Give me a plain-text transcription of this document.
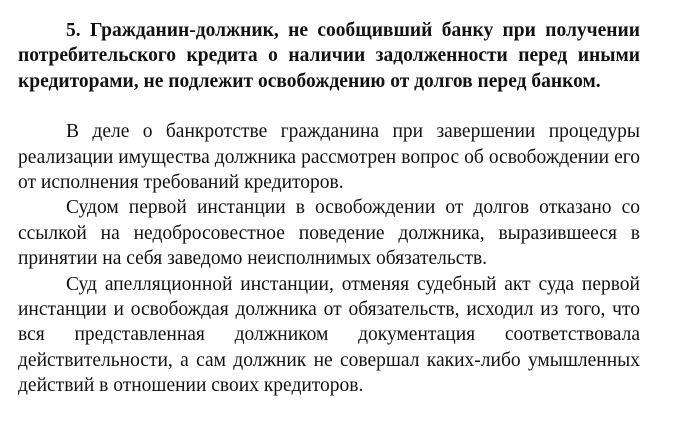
5. Гражданин-должник, не сообщивший банку при получении потребительского кредита о наличии задолженности перед иными кредиторами, не подлежит освобождению от долгов перед банком.

В деле о банкротстве гражданина при завершении процедуры реализации имущества должника рассмотрен вопрос об освобождении его от исполнения требований кредиторов.

Судом первой инстанции в освобождении от долгов отказано со ссылкой на недобросовестное поведение должника, выразившееся в принятии на себя заведомо неисполнимых обязательств.

Суд апелляционной инстанции, отменяя судебный акт суда первой инстанции и освобождая должника от обязательств, исходил из того, что вся представленная должником документация соответствовала действительности, а сам должник не совершал каких-либо умышленных действий в отношении своих кредиторов.
